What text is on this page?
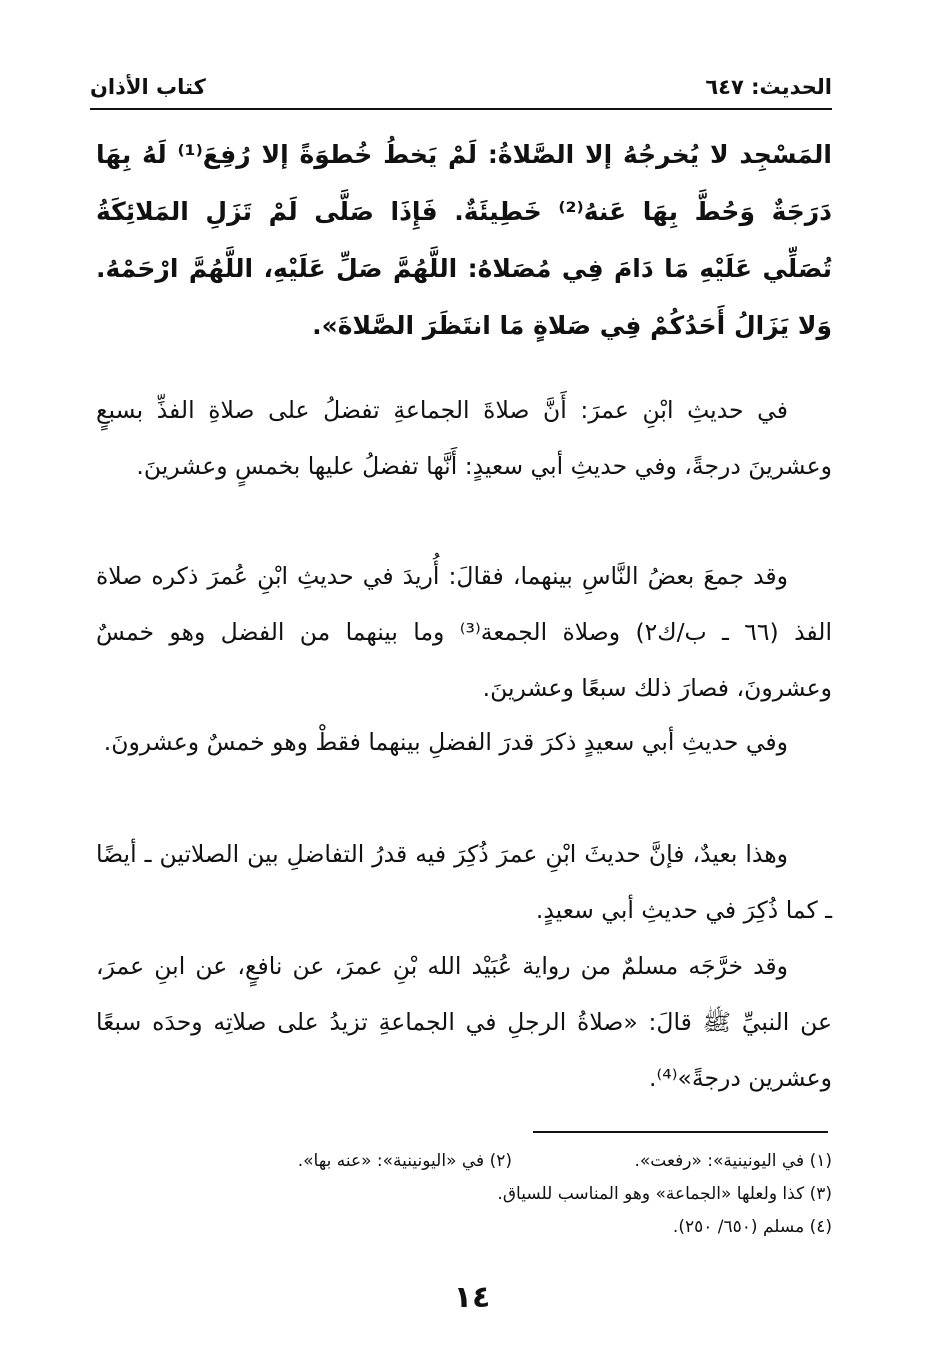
الحديث: ٦٤٧
كتاب الأذان

المَسْجِد لا يُخرجُهُ إلا الصَّلاةُ: لَمْ يَخطُ خُطوَةً إلا رُفِعَ⁽¹⁾ لَهُ بِهَا دَرَجَةٌ وَحُطَّ بِهَا عَنهُ⁽²⁾ خَطِيئَةٌ. فَإِذَا صَلَّى لَمْ تَزَلِ المَلائِكَةُ تُصَلِّي عَلَيْهِ مَا دَامَ فِي مُصَلاهُ: اللَّهُمَّ صَلِّ عَلَيْهِ، اللَّهُمَّ ارْحَمْهُ. وَلا يَزَالُ أَحَدُكُمْ فِي صَلاةٍ مَا انتَظَرَ الصَّلاةَ».

في حديثِ ابْنِ عمرَ: أَنَّ صلاةَ الجماعةِ تفضلُ على صلاةِ الفذِّ بسبعٍ وعشرينَ درجةً، وفي حديثِ أبي سعيدٍ: أَنَّها تفضلُ عليها بخمسٍ وعشرينَ.

وقد جمعَ بعضُ النَّاسِ بينهما، فقالَ: أُريدَ في حديثِ ابْنِ عُمرَ ذكره صلاة الفذ (٦٦ ـ ب/ك٢) وصلاة الجمعة⁽³⁾ وما بينهما من الفضل وهو خمسٌ وعشرونَ، فصارَ ذلك سبعًا وعشرينَ.

وفي حديثِ أبي سعيدٍ ذكرَ قدرَ الفضلِ بينهما فقطْ وهو خمسٌ وعشرونَ.

وهذا بعيدٌ، فإنَّ حديثَ ابْنِ عمرَ ذُكِرَ فيه قدرُ التفاضلِ بين الصلاتين ـ أيضًا ـ كما ذُكِرَ في حديثِ أبي سعيدٍ.

وقد خرَّجَه مسلمٌ من رواية عُبَيْد الله بْنِ عمرَ، عن نافعٍ، عن ابنِ عمرَ، عن النبيِّ ﷺ قالَ: «صلاةُ الرجلِ في الجماعةِ تزيدُ على صلاتِه وحدَه سبعًا وعشرين درجةً»⁽⁴⁾.

(١) في اليونينية»: «رفعت».
(٢) في «اليونينية»: «عنه بها».
(٣) كذا ولعلها «الجماعة» وهو المناسب للسياق.
(٤) مسلم (٦٥٠/ ٢٥٠).
١٤
